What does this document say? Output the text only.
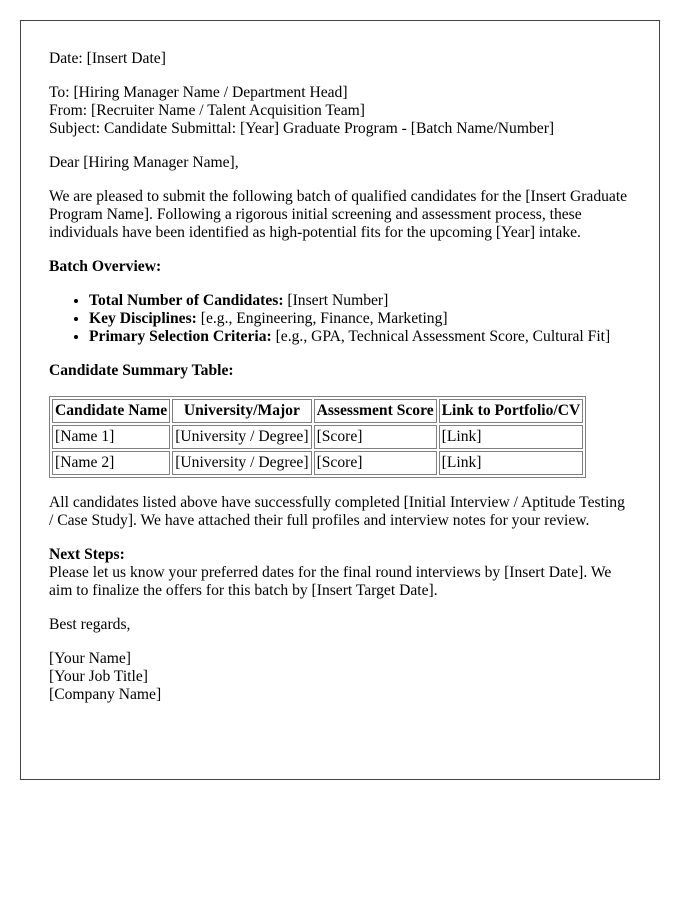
Date: [Insert Date]

To: [Hiring Manager Name / Department Head]
From: [Recruiter Name / Talent Acquisition Team]
Subject: Candidate Submittal: [Year] Graduate Program - [Batch Name/Number]

Dear [Hiring Manager Name],

We are pleased to submit the following batch of qualified candidates for the [Insert Graduate Program Name]. Following a rigorous initial screening and assessment process, these individuals have been identified as high-potential fits for the upcoming [Year] intake.

Batch Overview:

• Total Number of Candidates: [Insert Number]
• Key Disciplines: [e.g., Engineering, Finance, Marketing]
• Primary Selection Criteria: [e.g., GPA, Technical Assessment Score, Cultural Fit]

Candidate Summary Table:

Candidate Name	University/Major	Assessment Score	Link to Portfolio/CV
[Name 1]	[University / Degree]	[Score]	[Link]
[Name 2]	[University / Degree]	[Score]	[Link]

All candidates listed above have successfully completed [Initial Interview / Aptitude Testing / Case Study]. We have attached their full profiles and interview notes for your review.

Next Steps:

Please let us know your preferred dates for the final round interviews by [Insert Date]. We aim to finalize the offers for this batch by [Insert Target Date].

Best regards,

[Your Name]
[Your Job Title]
[Company Name]
